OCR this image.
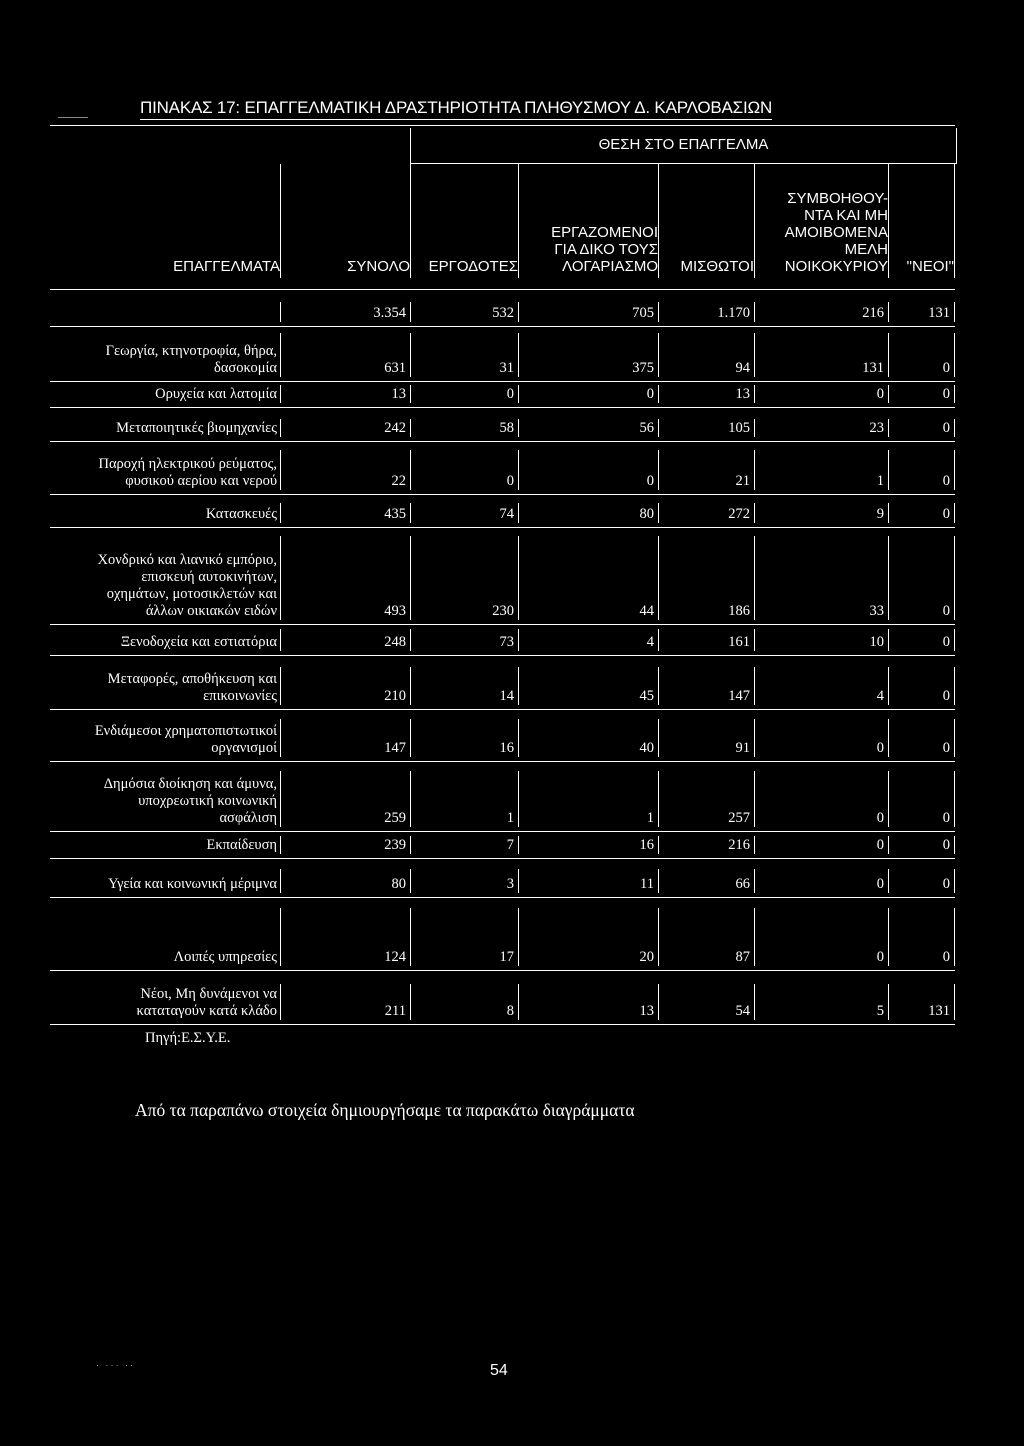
ΠΙΝΑΚΑΣ 17: ΕΠΑΓΓΕΛΜΑΤΙΚΗ ΔΡΑΣΤΗΡΙΟΤΗΤΑ ΠΛΗΘΥΣΜΟΥ Δ. ΚΑΡΛΟΒΑΣΙΩΝ
ΘΕΣΗ ΣΤΟ ΕΠΑΓΓΕΛΜΑ
ΕΠΑΓΓΕΛΜΑΤΑ	ΣΥΝΟΛΟ	ΕΡΓΟΔΟΤΕΣ
ΕΡΓΑΖΟΜΕΝΟΙ
ΓΙΑ ΔΙΚΟ ΤΟΥΣ
ΛΟΓΑΡΙΑΣΜΟ	ΜΙΣΘΩΤΟΙ
ΣΥΜΒΟΗΘΟΥ-
ΝΤΑ ΚΑΙ ΜΗ
ΑΜΟΙΒΟΜΕΝΑ
ΜΕΛΗ
ΝΟΙΚΟΚΥΡΙΟΥ	"ΝΕΟΙ"
3.354	532	705	1.170	216	131
Γεωργία, κτηνοτροφία, θήρα,
δασοκομία	631	31	375	94	131	0
Ορυχεία και λατομία	13	0	0	13	0	0
Μεταποιητικές βιομηχανίες	242	58	56	105	23	0
Παροχή ηλεκτρικού ρεύματος,
φυσικού αερίου και νερού	22	0	0	21	1	0
Κατασκευές	435	74	80	272	9	0
Χονδρικό και λιανικό εμπόριο,
επισκευή αυτοκινήτων,
οχημάτων, μοτοσικλετών και
άλλων οικιακών ειδών	493	230	44	186	33	0
Ξενοδοχεία και εστιατόρια	248	73	4	161	10	0
Μεταφορές, αποθήκευση και
επικοινωνίες	210	14	45	147	4	0
Ενδιάμεσοι χρηματοπιστωτικοί
οργανισμοί	147	16	40	91	0	0
Δημόσια διοίκηση και άμυνα,
υποχρεωτική κοινωνική
ασφάλιση	259	1	1	257	0	0
Εκπαίδευση	239	7	16	216	0	0
Υγεία και κοινωνική μέριμνα	80	3	11	66	0	0
Λοιπές υπηρεσίες	124	17	20	87	0	0
Νέοι, Μη δυνάμενοι να
καταταγούν κατά κλάδο	211	8	13	54	5	131
Πηγή:Ε.Σ.Υ.Ε.
Από τα παραπάνω στοιχεία δημιουργήσαμε τα παρακάτω διαγράμματα
· ··· ··	54
